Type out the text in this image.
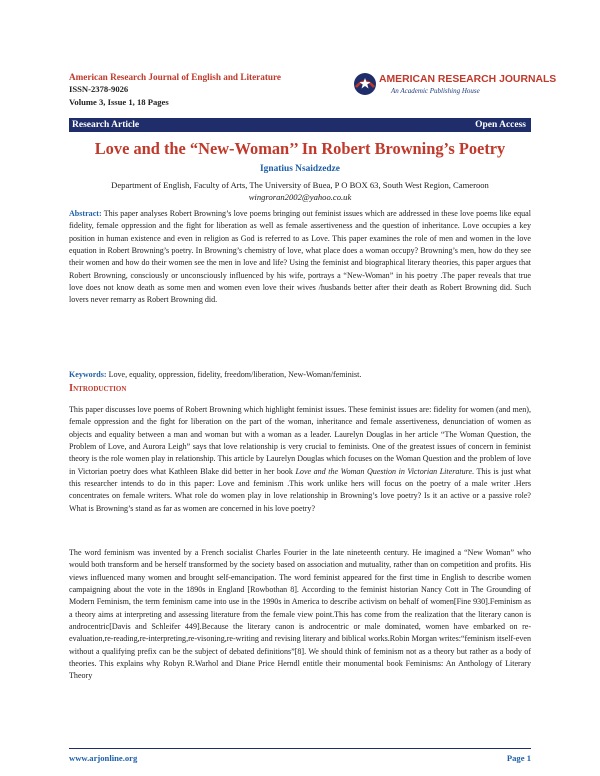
American Research Journal of English and Literature
ISSN-2378-9026
Volume 3, Issue 1, 18 Pages
AMERICAN RESEARCH JOURNALS
An Academic Publishing House
Research Article	Open Access
Love and the “New-Woman’’ In Robert Browning’s Poetry
Ignatius Nsaidzedze
Department of English, Faculty of Arts, The University of Buea, P O BOX 63, South West Region, Cameroon
wingroran2002@yahoo.co.uk
Abstract: This paper analyses Robert Browning’s love poems bringing out feminist issues which are addressed in these love poems like equal fidelity, female oppression and the fight for liberation as well as female assertiveness and the question of inheritance. Love occupies a key position in human existence and even in religion as God is referred to as Love. This paper examines the role of men and women in the love equation in Robert Browning’s poetry. In Browning’s chemistry of love, what place does a woman occupy? Browning’s men, how do they see their women and how do their women see the men in love and life? Using the feminist and biographical literary theories, this paper argues that Robert Browning, consciously or unconsciously influenced by his wife, portrays a “New-Woman” in his poetry .The paper reveals that true love does not know death as some men and women even love their wives /husbands better after their death as Robert Browning did. Such lovers never remarry as Robert Browning did.
Keywords: Love, equality, oppression, fidelity, freedom/liberation, New-Woman/feminist.
Introduction
This paper discusses love poems of Robert Browning which highlight feminist issues. These feminist issues are: fidelity for women (and men), female oppression and the fight for liberation on the part of the woman, inheritance and female assertiveness, denunciation of women as objects and equality between a man and woman but with a woman as a leader. Laurelyn Douglas in her article “The Woman Question, the Problem of Love, and Aurora Leigh” says that love relationship is very crucial to feminists. One of the greatest issues of concern in feminist theory is the role women play in relationship. This article by Laurelyn Douglas which focuses on the Woman Question and the problem of love in Victorian poetry does what Kathleen Blake did better in her book Love and the Woman Question in Victorian Literature. This is just what this researcher intends to do in this paper: Love and feminism .This work unlike hers will focus on the poetry of a male writer .Hers concentrates on female writers. What role do women play in love relationship in Browning’s love poetry? Is it an active or a passive role? What is Browning’s stand as far as women are concerned in his love poetry?
The word feminism was invented by a French socialist Charles Fourier in the late nineteenth century. He imagined a “New Woman” who would both transform and be herself transformed by the society based on association and mutuality, rather than on competition and profits. His views influenced many women and brought self-emancipation. The word feminist appeared for the first time in English to describe women campaigning about the vote in the 1890s in England [Rowbothan 8]. According to the feminist historian Nancy Cott in The Grounding of Modern Feminism, the term feminism came into use in the 1990s in America to describe activism on behalf of women[Fine 930].Feminism as a theory aims at interpreting and assessing literature from the female view point.This has come from the realization that the literary canon is androcentric[Davis and Schleifer 449].Because the literary canon is androcentric or male dominated, women have embarked on re-evaluation,re-reading,re-interpreting,re-visoning,re-writing and revising literary and biblical works.Robin Morgan writes:“feminism itself-even without a qualifying prefix can be the subject of debated definitions”[8]. We should think of feminism not as a theory but rather as a body of theories. This explains why Robyn R.Warhol and Diane Price Herndl entitle their monumental book Feminisms: An Anthology of Literary Theory
www.arjonline.org	Page 1
